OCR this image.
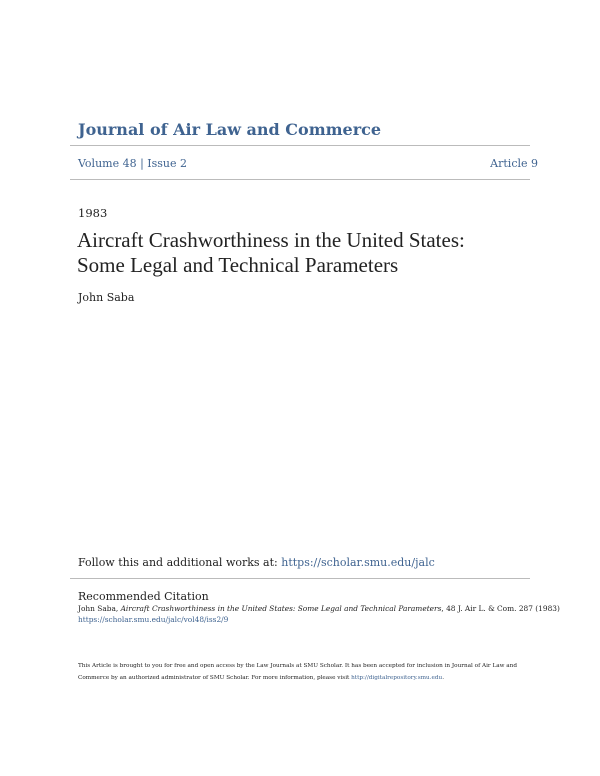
Journal of Air Law and Commerce
Volume 48 | Issue 2	Article 9
1983
Aircraft Crashworthiness in the United States:
Some Legal and Technical Parameters
John Saba
Follow this and additional works at: https://scholar.smu.edu/jalc
Recommended Citation
John Saba, Aircraft Crashworthiness in the United States: Some Legal and Technical Parameters, 48 J. Air L. & Com. 287 (1983)
https://scholar.smu.edu/jalc/vol48/iss2/9
This Article is brought to you for free and open access by the Law Journals at SMU Scholar. It has been accepted for inclusion in Journal of Air Law and Commerce by an authorized administrator of SMU Scholar. For more information, please visit http://digitalrepository.smu.edu.
